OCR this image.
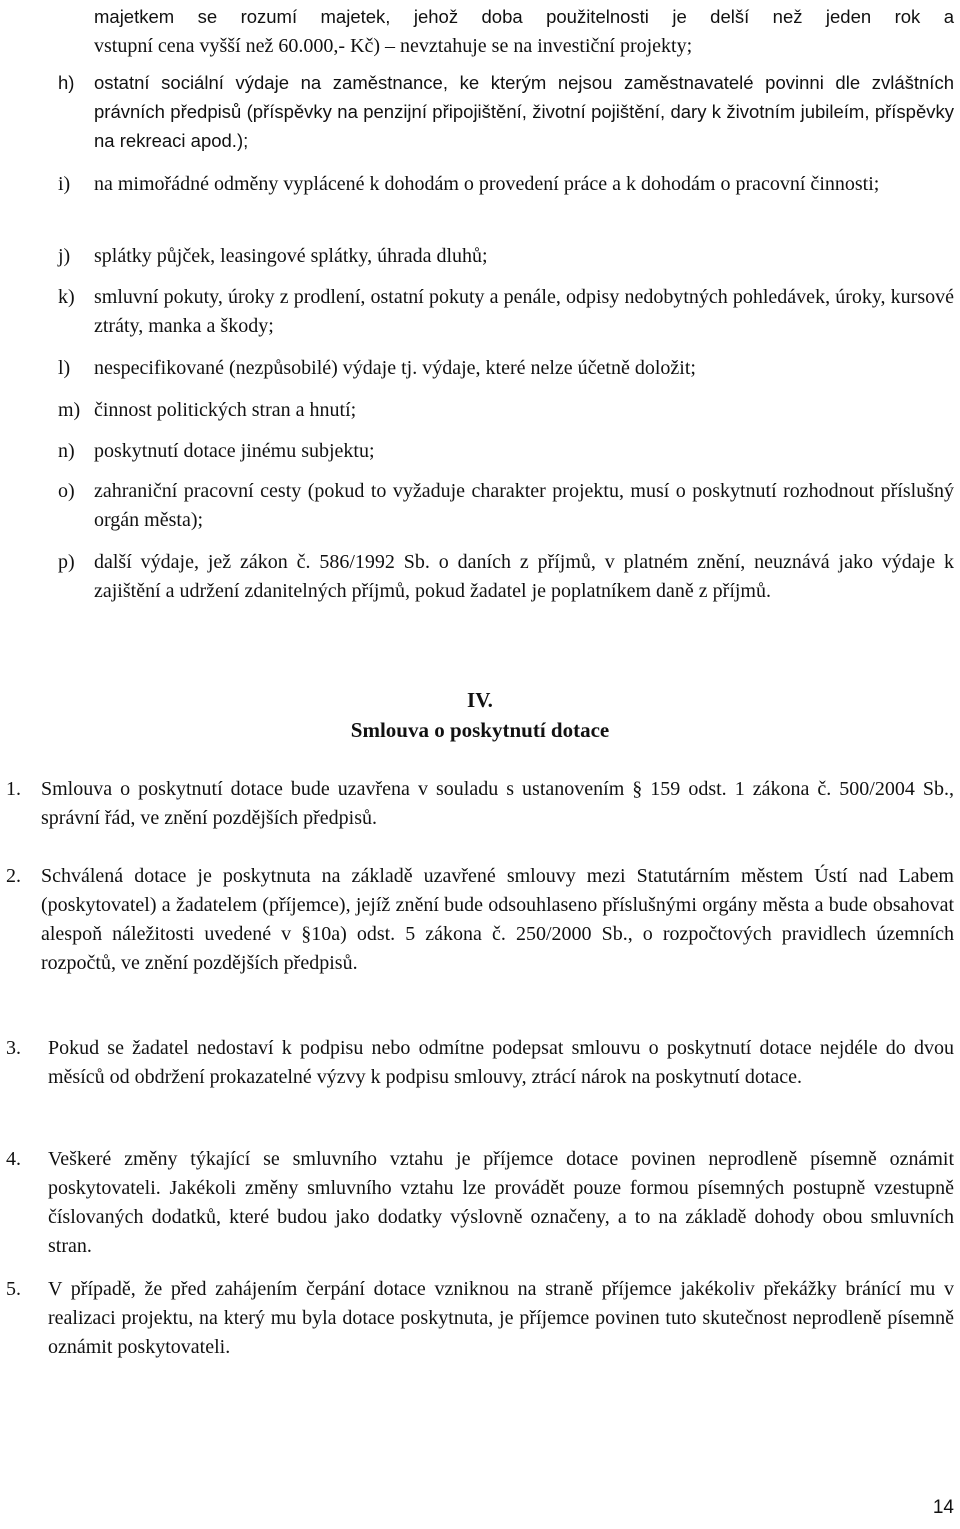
majetkem se rozumí majetek, jehož doba použitelnosti je delší než jeden rok a
vstupní cena vyšší než 60.000,- Kč) – nevztahuje se na investiční projekty;
h) ostatní sociální výdaje na zaměstnance, ke kterým nejsou zaměstnavatelé povinni dle zvláštních právních předpisů (příspěvky na penzijní připojištění, životní pojištění, dary k životním jubileím, příspěvky na rekreaci apod.);
i) na mimořádné odměny vyplácené k dohodám o provedení práce a k dohodám o pracovní činnosti;
j) splátky půjček, leasingové splátky, úhrada dluhů;
k) smluvní pokuty, úroky z prodlení, ostatní pokuty a penále, odpisy nedobytných pohledávek, úroky, kursové ztráty, manka a škody;
l) nespecifikované (nezpůsobilé) výdaje tj. výdaje, které nelze účetně doložit;
m) činnost politických stran a hnutí;
n) poskytnutí dotace jinému subjektu;
o) zahraniční pracovní cesty (pokud to vyžaduje charakter projektu, musí o poskytnutí rozhodnout příslušný orgán města);
p) další výdaje, jež zákon č. 586/1992 Sb. o daních z příjmů, v platném znění, neuznává jako výdaje k zajištění a udržení zdanitelných příjmů, pokud žadatel je poplatníkem daně z příjmů.
IV.
Smlouva o poskytnutí dotace
1. Smlouva o poskytnutí dotace bude uzavřena v souladu s ustanovením § 159 odst. 1 zákona č. 500/2004 Sb., správní řád, ve znění pozdějších předpisů.
2. Schválená dotace je poskytnuta na základě uzavřené smlouvy mezi Statutárním městem Ústí nad Labem (poskytovatel) a žadatelem (příjemce), jejíž znění bude odsouhlaseno příslušnými orgány města a bude obsahovat alespoň náležitosti uvedené v §10a) odst. 5 zákona č. 250/2000 Sb., o rozpočtových pravidlech územních rozpočtů, ve znění pozdějších předpisů.
3. Pokud se žadatel nedostaví k podpisu nebo odmítne podepsat smlouvu o poskytnutí dotace nejdéle do dvou měsíců od obdržení prokazatelné výzvy k podpisu smlouvy, ztrácí nárok na poskytnutí dotace.
4. Veškeré změny týkající se smluvního vztahu je příjemce dotace povinen neprodleně písemně oznámit poskytovateli. Jakékoli změny smluvního vztahu lze provádět pouze formou písemných postupně vzestupně číslovaných dodatků, které budou jako dodatky výslovně označeny, a to na základě dohody obou smluvních stran.
5. V případě, že před zahájením čerpání dotace vzniknou na straně příjemce jakékoliv překážky bránící mu v realizaci projektu, na který mu byla dotace poskytnuta, je příjemce povinen tuto skutečnost neprodleně písemně oznámit poskytovateli.
14
